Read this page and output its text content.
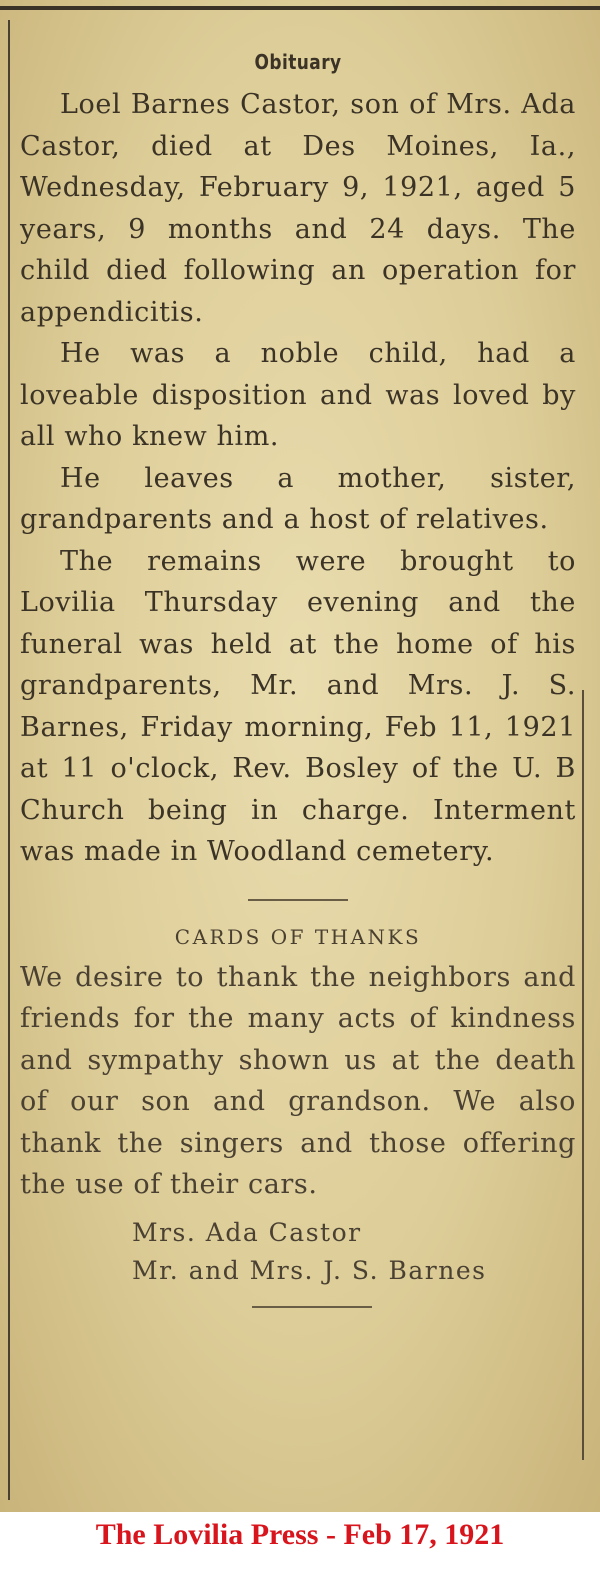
Obituary

Loel Barnes Castor, son of Mrs. Ada Castor, died at Des Moines, Ia., Wednesday, February 9, 1921, aged 5 years, 9 months and 24 days. The child died following an operation for appendicitis.

He was a noble child, had a loveable disposition and was loved by all who knew him.

He leaves a mother, sister, grandparents and a host of relatives.

The remains were brought to Lovilia Thursday evening and the funeral was held at the home of his grandparents, Mr. and Mrs. J. S. Barnes, Friday morning, Feb 11, 1921 at 11 o'clock, Rev. Bosley of the U. B Church being in charge. Interment was made in Woodland cemetery.

CARDS OF THANKS

We desire to thank the neighbors and friends for the many acts of kindness and sympathy shown us at the death of our son and grandson. We also thank the singers and those offering the use of their cars.

Mrs. Ada Castor

Mr. and Mrs. J. S. Barnes

The Lovilia Press - Feb 17, 1921
